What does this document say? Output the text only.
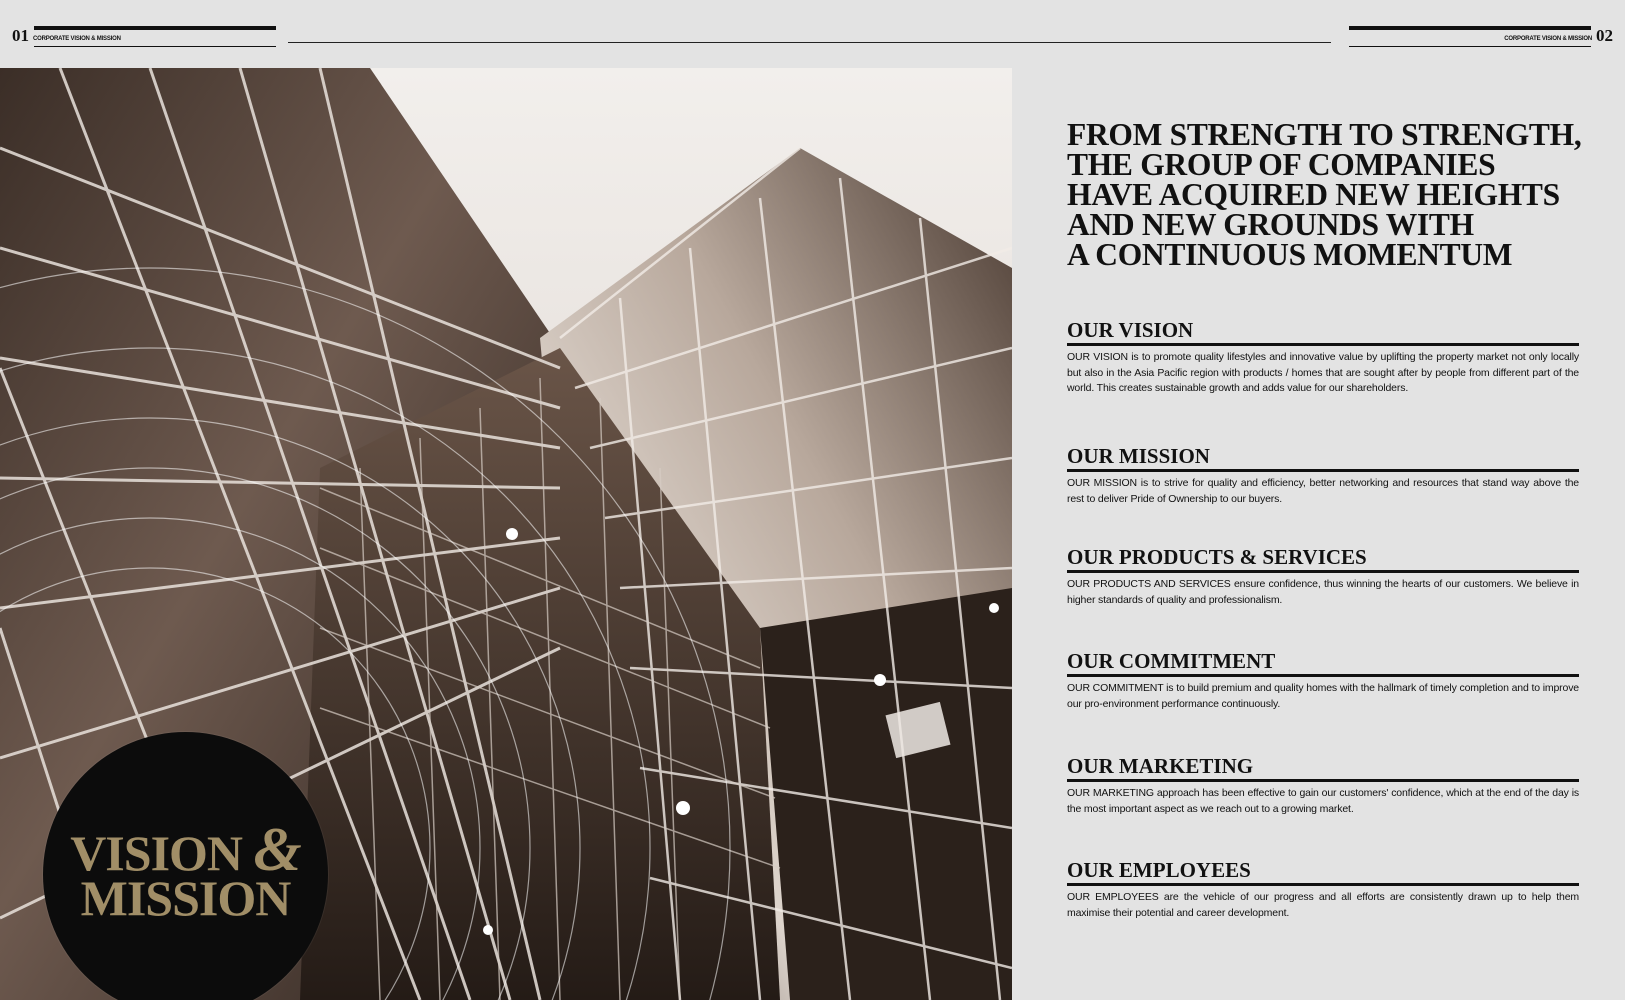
01 CORPORATE VISION & MISSION	CORPORATE VISION & MISSION 02
VISION &
MISSION
FROM STRENGTH TO STRENGTH,
THE GROUP OF COMPANIES
HAVE ACQUIRED NEW HEIGHTS
AND NEW GROUNDS WITH
A CONTINUOUS MOMENTUM
OUR VISION
OUR VISION is to promote quality lifestyles and innovative value by uplifting the property market not only locally but also in the Asia Pacific region with products / homes that are sought after by people from different part of the world. This creates sustainable growth and adds value for our shareholders.
OUR MISSION
OUR MISSION is to strive for quality and efficiency, better networking and resources that stand way above the rest to deliver Pride of Ownership to our buyers.
OUR PRODUCTS & SERVICES
OUR PRODUCTS AND SERVICES ensure confidence, thus winning the hearts of our customers. We believe in higher standards of quality and professionalism.
OUR COMMITMENT
OUR COMMITMENT is to build premium and quality homes with the hallmark of timely completion and to improve our pro-environment performance continuously.
OUR MARKETING
OUR MARKETING approach has been effective to gain our customers' confidence, which at the end of the day is the most important aspect as we reach out to a growing market.
OUR EMPLOYEES
OUR EMPLOYEES are the vehicle of our progress and all efforts are consistently drawn up to help them maximise their potential and career development.
